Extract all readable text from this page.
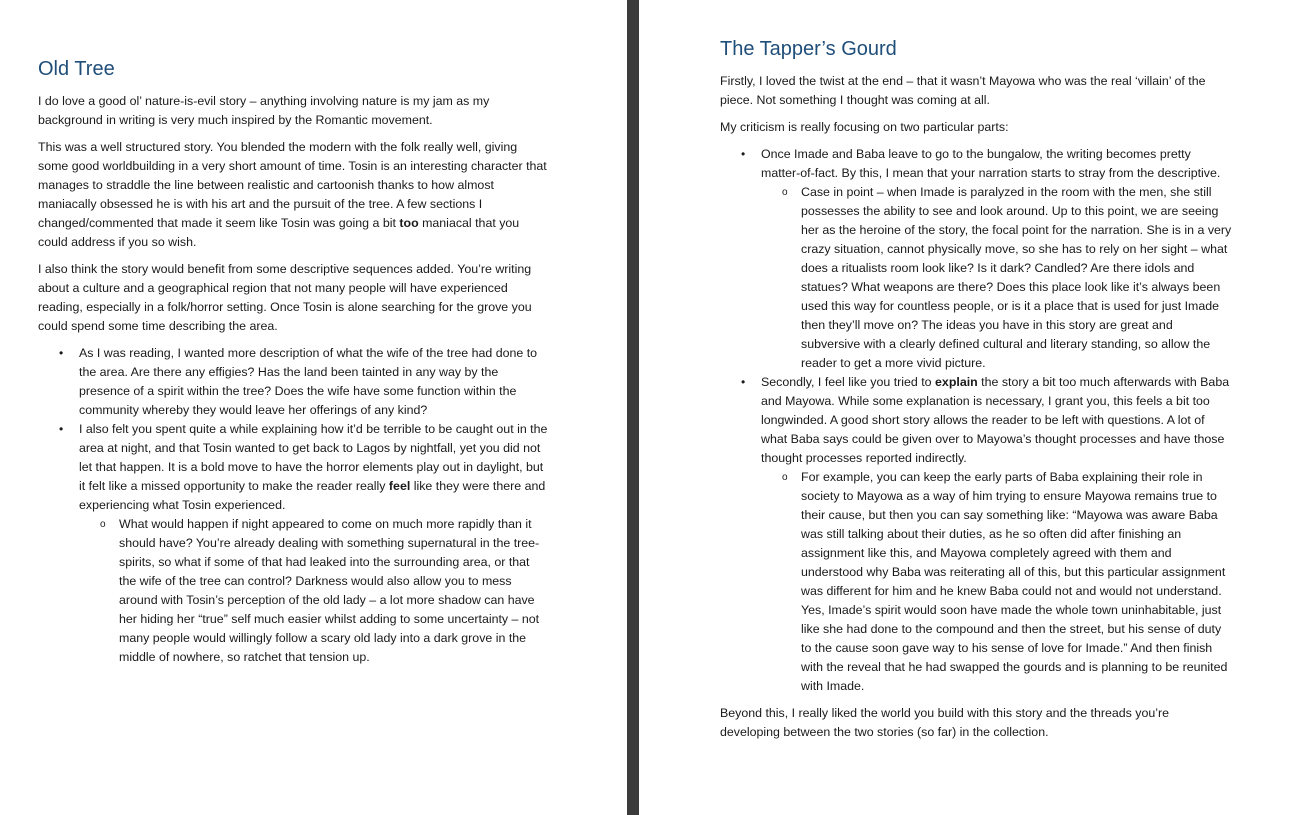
Old Tree

I do love a good ol’ nature-is-evil story – anything involving nature is my jam as my background in writing is very much inspired by the Romantic movement.

This was a well structured story. You blended the modern with the folk really well, giving some good worldbuilding in a very short amount of time. Tosin is an interesting character that manages to straddle the line between realistic and cartoonish thanks to how almost maniacally obsessed he is with his art and the pursuit of the tree. A few sections I changed/commented that made it seem like Tosin was going a bit too maniacal that you could address if you so wish.

I also think the story would benefit from some descriptive sequences added. You’re writing about a culture and a geographical region that not many people will have experienced reading, especially in a folk/horror setting. Once Tosin is alone searching for the grove you could spend some time describing the area.

• As I was reading, I wanted more description of what the wife of the tree had done to the area. Are there any effigies? Has the land been tainted in any way by the presence of a spirit within the tree? Does the wife have some function within the community whereby they would leave her offerings of any kind?
• I also felt you spent quite a while explaining how it’d be terrible to be caught out in the area at night, and that Tosin wanted to get back to Lagos by nightfall, yet you did not let that happen. It is a bold move to have the horror elements play out in daylight, but it felt like a missed opportunity to make the reader really feel like they were there and experiencing what Tosin experienced.
o What would happen if night appeared to come on much more rapidly than it should have? You’re already dealing with something supernatural in the tree-spirits, so what if some of that had leaked into the surrounding area, or that the wife of the tree can control? Darkness would also allow you to mess around with Tosin’s perception of the old lady – a lot more shadow can have her hiding her “true” self much easier whilst adding to some uncertainty – not many people would willingly follow a scary old lady into a dark grove in the middle of nowhere, so ratchet that tension up.
The Tapper’s Gourd

Firstly, I loved the twist at the end – that it wasn’t Mayowa who was the real ‘villain’ of the piece. Not something I thought was coming at all.

My criticism is really focusing on two particular parts:

• Once Imade and Baba leave to go to the bungalow, the writing becomes pretty matter-of-fact. By this, I mean that your narration starts to stray from the descriptive.
o Case in point – when Imade is paralyzed in the room with the men, she still possesses the ability to see and look around. Up to this point, we are seeing her as the heroine of the story, the focal point for the narration. She is in a very crazy situation, cannot physically move, so she has to rely on her sight – what does a ritualists room look like? Is it dark? Candled? Are there idols and statues? What weapons are there? Does this place look like it’s always been used this way for countless people, or is it a place that is used for just Imade then they’ll move on? The ideas you have in this story are great and subversive with a clearly defined cultural and literary standing, so allow the reader to get a more vivid picture.
• Secondly, I feel like you tried to explain the story a bit too much afterwards with Baba and Mayowa. While some explanation is necessary, I grant you, this feels a bit too longwinded. A good short story allows the reader to be left with questions. A lot of what Baba says could be given over to Mayowa’s thought processes and have those thought processes reported indirectly.
o For example, you can keep the early parts of Baba explaining their role in society to Mayowa as a way of him trying to ensure Mayowa remains true to their cause, but then you can say something like: “Mayowa was aware Baba was still talking about their duties, as he so often did after finishing an assignment like this, and Mayowa completely agreed with them and understood why Baba was reiterating all of this, but this particular assignment was different for him and he knew Baba could not and would not understand. Yes, Imade’s spirit would soon have made the whole town uninhabitable, just like she had done to the compound and then the street, but his sense of duty to the cause soon gave way to his sense of love for Imade.” And then finish with the reveal that he had swapped the gourds and is planning to be reunited with Imade.

Beyond this, I really liked the world you build with this story and the threads you’re developing between the two stories (so far) in the collection.
